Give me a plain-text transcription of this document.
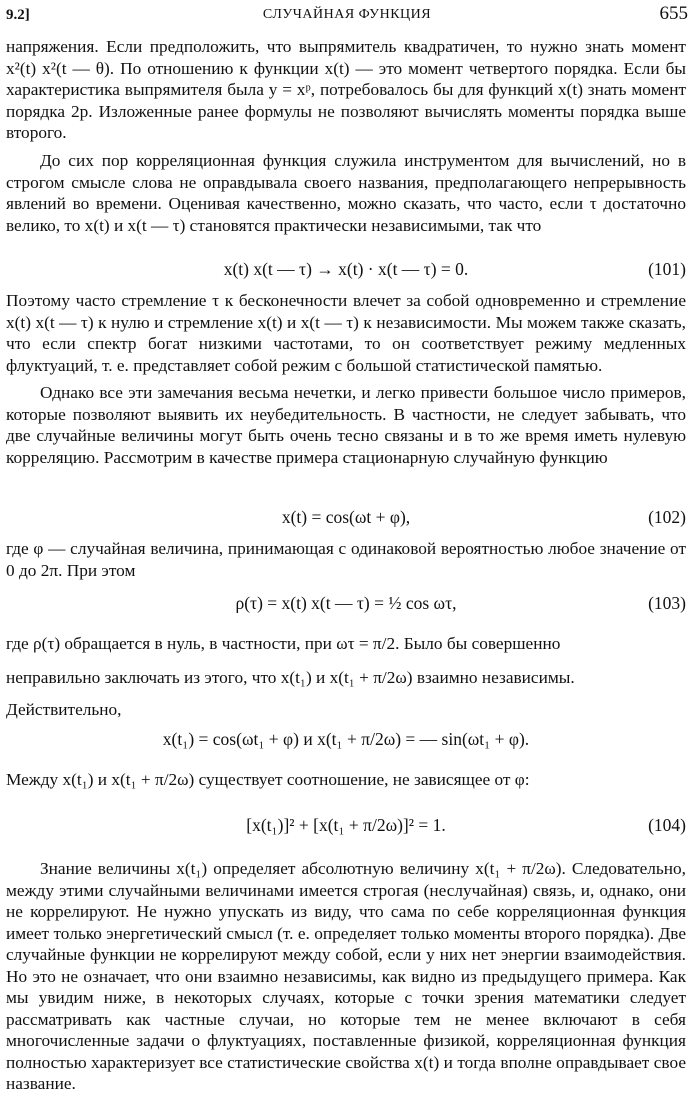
9.2]	СЛУЧАЙНАЯ ФУНКЦИЯ	655
напряжения. Если предположить, что выпрямитель квадратичен, то нужно знать момент x²(t) x²(t — θ). По отношению к функции x(t) — это момент четвертого порядка. Если бы характеристика выпрямителя была y = xᵖ, потребовалось бы для функций x(t) знать момент порядка 2p. Изложенные ранее формулы не позволяют вычислять моменты порядка выше второго.
До сих пор корреляционная функция служила инструментом для вычислений, но в строгом смысле слова не оправдывала своего названия, предполагающего непрерывность явлений во времени. Оценивая качественно, можно сказать, что часто, если τ достаточно велико, то x(t) и x(t — τ) становятся практически независимыми, так что
x(t) x(t — τ) → x(t) · x(t — τ) = 0.	(101)
Поэтому часто стремление τ к бесконечности влечет за собой одновременно и стремление x(t) x(t — τ) к нулю и стремление x(t) и x(t — τ) к независимости. Мы можем также сказать, что если спектр богат низкими частотами, то он соответствует режиму медленных флуктуаций, т. е. представляет собой режим с большой статистической памятью.
Однако все эти замечания весьма нечетки, и легко привести большое число примеров, которые позволяют выявить их неубедительность. В частности, не следует забывать, что две случайные величины могут быть очень тесно связаны и в то же время иметь нулевую корреляцию. Рассмотрим в качестве примера стационарную случайную функцию
x(t) = cos(ωt + φ),	(102)
где φ — случайная величина, принимающая с одинаковой вероятностью любое значение от 0 до 2π. При этом
ρ(τ) = x(t) x(t — τ) = ½ cos ωτ,	(103)
где ρ(τ) обращается в нуль, в частности, при ωτ = π/2. Было бы совершенно
неправильно заключать из этого, что x(t₁) и x(t₁ + π/2ω) взаимно независимы.
Действительно,
x(t₁) = cos(ωt₁ + φ) и x(t₁ + π/2ω) = — sin(ωt₁ + φ).
Между x(t₁) и x(t₁ + π/2ω) существует соотношение, не зависящее от φ:
[x(t₁)]² + [x(t₁ + π/2ω)]² = 1.	(104)
Знание величины x(t₁) определяет абсолютную величину x(t₁ + π/2ω). Следовательно, между этими случайными величинами имеется строгая (неслучайная) связь, и, однако, они не коррелируют. Не нужно упускать из виду, что сама по себе корреляционная функция имеет только энергетический смысл (т. е. определяет только моменты второго порядка). Две случайные функции не коррелируют между собой, если у них нет энергии взаимодействия. Но это не означает, что они взаимно независимы, как видно из предыдущего примера. Как мы увидим ниже, в некоторых случаях, которые с точки зрения математики следует рассматривать как частные случаи, но которые тем не менее включают в себя многочисленные задачи о флуктуациях, поставленные физикой, корреляционная функция полностью характеризует все статистические свойства x(t) и тогда вполне оправдывает свое название.
